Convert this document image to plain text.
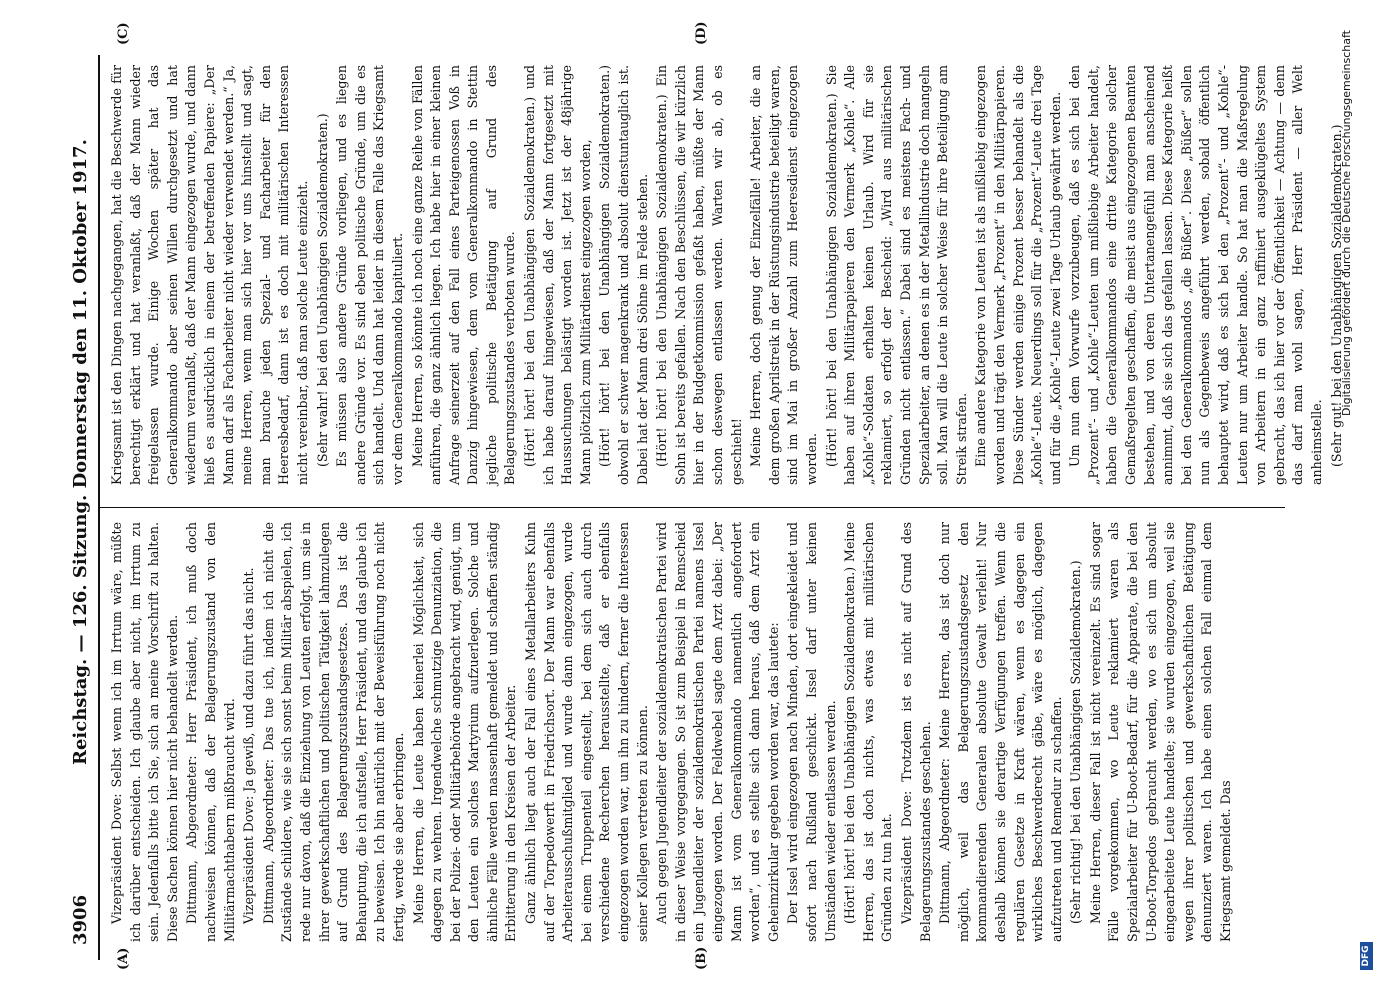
3906
Reichstag. — 126. Sitzung. Donnerstag den 11. Oktober 1917.
(A)	(B)
(C)	(D)

Vizepräsident Dove: Selbst wenn ich im Irrtum wäre, müßte ich darüber entscheiden. Ich glaube aber nicht, im Irrtum zu sein. Jedenfalls bitte ich Sie, sich an meine Vorschrift zu halten. Diese Sachen können hier nicht behandelt werden. Dittmann, Abgeordneter: Herr Präsident, ich muß doch nachweisen können, daß der Belagerungszustand von den Militärmachthabern mißbraucht wird. Vizepräsident Dove: Ja gewiß, und dazu führt das nicht. Dittmann, Abgeordneter: Das tue ich, indem ich nicht die Zustände schildere, wie sie sich sonst beim Militär abspielen, ich rede nur davon, daß die Einziehung von Leuten erfolgt, um sie in ihrer gewerkschaftlichen und politischen Tätigkeit lahmzulegen auf Grund des Belagerungszustandsgesetzes. Das ist die Behauptung, die ich aufstelle, Herr Präsident, und das glaube ich zu beweisen. Ich bin natürlich mit der Beweisführung noch nicht fertig, werde sie aber erbringen. Meine Herren, die Leute haben keinerlei Möglichkeit, sich dagegen zu wehren. Irgendwelche schmutzige Denunziation, die bei der Polizei- oder Militärbehörde angebracht wird, genügt, um den Leuten ein solches Martyrium aufzuerlegen. Solche und ähnliche Fälle werden massenhaft gemeldet und schaffen ständig Erbitterung in den Kreisen der Arbeiter. Ganz ähnlich liegt auch der Fall eines Metallarbeiters Kuhn auf der Torpedowerft in Friedrichsort. Der Mann war ebenfalls Arbeiterausschußmitglied und wurde dann eingezogen, wurde bei einem Truppenteil eingestellt, bei dem sich auch durch verschiedene Recherchen herausstellte, daß er ebenfalls eingezogen worden war, um ihn zu hindern, ferner die Interessen seiner Kollegen vertreten zu können. Auch gegen Jugendleiter der sozialdemokratischen Partei wird in dieser Weise vorgegangen. So ist zum Beispiel in Remscheid ein Jugendleiter der sozialdemokratischen Partei namens Issel eingezogen worden. Der Feldwebel sagte dem Arzt dabei: „Der Mann ist vom Generalkommando namentlich angefordert worden“, und es stellte sich dann heraus, daß dem Arzt ein Geheimzirkular gegeben worden war, das lautete: Der Issel wird eingezogen nach Minden, dort eingekleidet und sofort nach Rußland geschickt. Issel darf unter keinen Umständen wieder entlassen werden. (Hört! hört! bei den Unabhängigen Sozialdemokraten.) Meine Herren, das ist doch nichts, was etwas mit militärischen Gründen zu tun hat. Vizepräsident Dove: Trotzdem ist es nicht auf Grund des Belagerungszustandes geschehen. Dittmann, Abgeordneter: Meine Herren, das ist doch nur möglich, weil das Belagerungszustandsgesetz den kommandierenden Generalen absolute Gewalt verleiht! Nur deshalb können sie derartige Verfügungen treffen. Wenn die regulären Gesetze in Kraft wären, wenn es dagegen ein wirkliches Beschwerderecht gäbe, wäre es möglich, dagegen aufzutreten und Remedur zu schaffen. (Sehr richtig! bei den Unabhängigen Sozialdemokraten.) Meine Herren, dieser Fall ist nicht vereinzelt. Es sind sogar Fälle vorgekommen, wo Leute reklamiert waren als Spezialarbeiter für U-Boot-Bedarf, für die Apparate, die bei den U-Boot-Torpedos gebraucht werden, wo es sich um absolut eingearbeitete Leute handelte; sie wurden eingezogen, weil sie wegen ihrer politischen und gewerkschaftlichen Betätigung denunziert waren. Ich habe einen solchen Fall einmal dem Kriegsamt gemeldet. Das

Kriegsamt ist den Dingen nachgegangen, hat die Beschwerde für berechtigt erklärt und hat veranlaßt, daß der Mann wieder freigelassen wurde. Einige Wochen später hat das Generalkommando aber seinen Willen durchgesetzt und hat wiederum veranlaßt, daß der Mann eingezogen wurde, und dann hieß es ausdrücklich in einem der betreffenden Papiere: „Der Mann darf als Facharbeiter nicht wieder verwendet werden.“ Ja, meine Herren, wenn man sich hier vor uns hinstellt und sagt, man brauche jeden Spezial- und Facharbeiter für den Heeresbedarf, dann ist es doch mit militärischen Interessen nicht vereinbar, daß man solche Leute einzieht. (Sehr wahr! bei den Unabhängigen Sozialdemokraten.) Es müssen also andere Gründe vorliegen, und es liegen andere Gründe vor. Es sind eben politische Gründe, um die es sich handelt. Und dann hat leider in diesem Falle das Kriegsamt vor dem Generalkommando kapituliert. Meine Herren, so könnte ich noch eine ganze Reihe von Fällen anführen, die ganz ähnlich liegen. Ich habe hier in einer kleinen Anfrage seinerzeit auf den Fall eines Parteigenossen Voß in Danzig hingewiesen, dem vom Generalkommando in Stettin jegliche politische Betätigung auf Grund des Belagerungszustandes verboten wurde. (Hört! hört! bei den Unabhängigen Sozialdemokraten.) und ich habe darauf hingewiesen, daß der Mann fortgesetzt mit Haussuchungen belästigt worden ist. Jetzt ist der 48jährige Mann plötzlich zum Militärdienst eingezogen worden, (Hört! hört! bei den Unabhängigen Sozialdemokraten.) obwohl er schwer magenkrank und absolut dienstuntauglich ist. Dabei hat der Mann drei Söhne im Felde stehen. (Hört! hört! bei den Unabhängigen Sozialdemokraten.) Ein Sohn ist bereits gefallen. Nach den Beschlüssen, die wir kürzlich hier in der Budgetkommission gefaßt haben, müßte der Mann schon deswegen entlassen werden. Warten wir ab, ob es geschieht! Meine Herren, doch genug der Einzelfälle! Arbeiter, die an dem großen Aprilstreik in der Rüstungsindustrie beteiligt waren, sind im Mai in großer Anzahl zum Heeresdienst eingezogen worden. (Hört! hört! bei den Unabhängigen Sozialdemokraten.) Sie haben auf ihren Militärpapieren den Vermerk „Kohle“. Alle „Kohle“-Soldaten erhalten keinen Urlaub. Wird für sie reklamiert, so erfolgt der Bescheid: „Wird aus militärischen Gründen nicht entlassen.“ Dabei sind es meistens Fach- und Spezialarbeiter, an denen es in der Metallindustrie doch mangeln soll. Man will die Leute in solcher Weise für ihre Beteiligung am Streik strafen. Eine andere Kategorie von Leuten ist als mißliebig eingezogen worden und trägt den Vermerk „Prozent“ in den Militärpapieren. Diese Sünder werden einige Prozent besser behandelt als die „Kohle“-Leute. Neuerdings soll für die „Prozent“-Leute drei Tage und für die „Kohle“-Leute zwei Tage Urlaub gewährt werden. Um nun dem Vorwurfe vorzubeugen, daß es sich bei den „Prozent“- und „Kohle“-Leuten um mißliebige Arbeiter handelt, haben die Generalkommandos eine dritte Kategorie solcher Gemaßregelten geschaffen, die meist aus eingezogenen Beamten bestehen, und von deren Untertanengefühl man anscheinend annimmt, daß sie sich das gefallen lassen. Diese Kategorie heißt bei den Generalkommandos „die Büßer“. Diese „Büßer“ sollen nun als Gegenbeweis angeführt werden, sobald öffentlich behauptet wird, daß es sich bei den „Prozent“- und „Kohle“-Leuten nur um Arbeiter handle. So hat man die Maßregelung von Arbeitern in ein ganz raffiniert ausgeklügeltes System gebracht, das ich hier vor der Öffentlichkeit — Achtung — denn das darf man wohl sagen, Herr Präsident — aller Welt anheimstelle. (Sehr gut! bei den Unabhängigen Sozialdemokraten.)

DFG
Digitalisierung gefördert durch die Deutsche Forschungsgemeinschaft
